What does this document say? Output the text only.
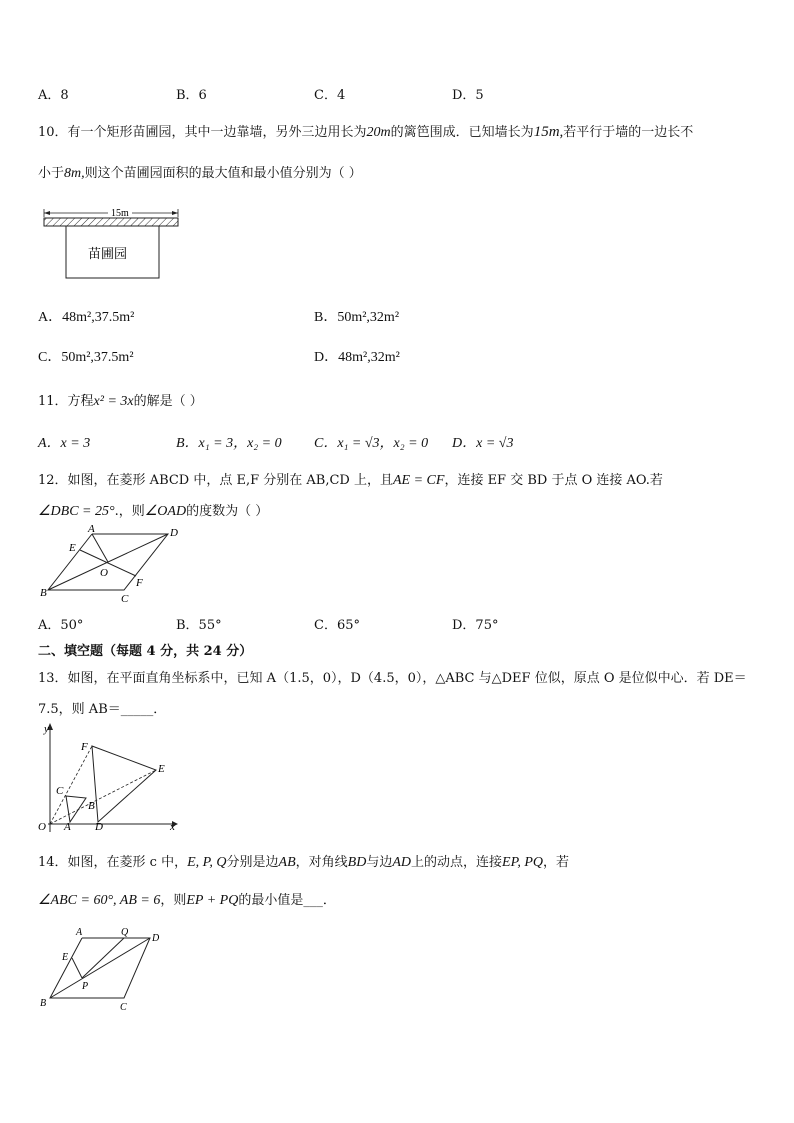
A．8	B．6	C．4	D．5
10．有一个矩形苗圃园，其中一边靠墙，另外三边用长为20m的篱笆围成．已知墙长为15m,若平行于墙的一边长不
小于8m,则这个苗圃园面积的最大值和最小值分别为（ ）
15m
苗圃园
A．48m²,37.5m²	B．50m²,32m²
C．50m²,37.5m²	D．48m²,32m²
11．方程x² = 3x的解是（ ）
A．x = 3	B．x₁ = 3，x₂ = 0 C．x₁ = √3，x₂ = 0 D．x = √3
12．如图，在菱形 ABCD 中，点 E,F 分别在 AB,CD 上，且AE = CF，连接 EF 交 BD 于点 O 连接 AO.若
∠DBC = 25°.，则∠OAD的度数为（ ）
A	D
E
O
F
B	C
A．50°	B．55°	C．65°	D．75°
二、填空题（每题 4 分，共 24 分）
13．如图，在平面直角坐标系中，已知 A（1.5，0），D（4.5，0），△ABC 与△DEF 位似，原点 O 是位似中心．若 DE＝
7.5，则 AB＝_____．
y
F
E
C
B
O A D	x
14．如图，在菱形 c 中，E, P, Q分别是边AB，对角线BD与边AD上的动点，连接EP, PQ，若
∠ABC = 60°, AB = 6，则EP + PQ的最小值是___．
A	Q
D
E
P
B	C
